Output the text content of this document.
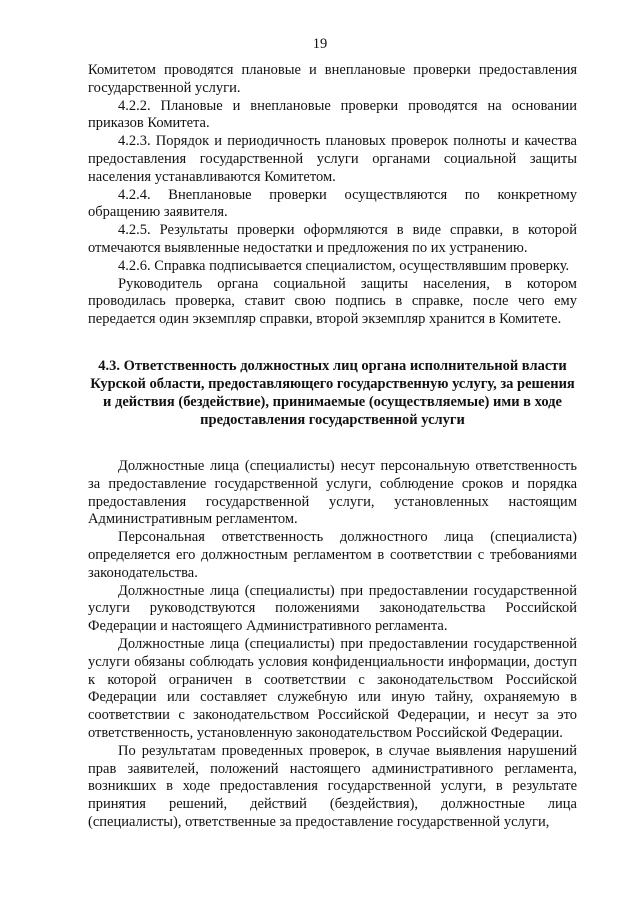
19

Комитетом проводятся плановые и внеплановые проверки предоставления государственной услуги.

4.2.2. Плановые и внеплановые проверки проводятся на основании приказов Комитета.

4.2.3. Порядок и периодичность плановых проверок полноты и качества предоставления государственной услуги органами социальной защиты населения устанавливаются Комитетом.

4.2.4. Внеплановые проверки осуществляются по конкретному обращению заявителя.

4.2.5. Результаты проверки оформляются в виде справки, в которой отмечаются выявленные недостатки и предложения по их устранению.

4.2.6. Справка подписывается специалистом, осуществлявшим проверку.

Руководитель органа социальной защиты населения, в котором проводилась проверка, ставит свою подпись в справке, после чего ему передается один экземпляр справки, второй экземпляр хранится в Комитете.

4.3. Ответственность должностных лиц органа исполнительной власти Курской области, предоставляющего государственную услугу, за решения и действия (бездействие), принимаемые (осуществляемые) ими в ходе предоставления государственной услуги

Должностные лица (специалисты) несут персональную ответственность за предоставление государственной услуги, соблюдение сроков и порядка предоставления государственной услуги, установленных настоящим Административным регламентом.

Персональная ответственность должностного лица (специалиста) определяется его должностным регламентом в соответствии с требованиями законодательства.

Должностные лица (специалисты) при предоставлении государственной услуги руководствуются положениями законодательства Российской Федерации и настоящего Административного регламента.

Должностные лица (специалисты) при предоставлении государственной услуги обязаны соблюдать условия конфиденциальности информации, доступ к которой ограничен в соответствии с законодательством Российской Федерации или составляет служебную или иную тайну, охраняемую в соответствии с законодательством Российской Федерации, и несут за это ответственность, установленную законодательством Российской Федерации.

По результатам проведенных проверок, в случае выявления нарушений прав заявителей, положений настоящего административного регламента, возникших в ходе предоставления государственной услуги, в результате принятия решений, действий (бездействия), должностные лица (специалисты), ответственные за предоставление государственной услуги,
